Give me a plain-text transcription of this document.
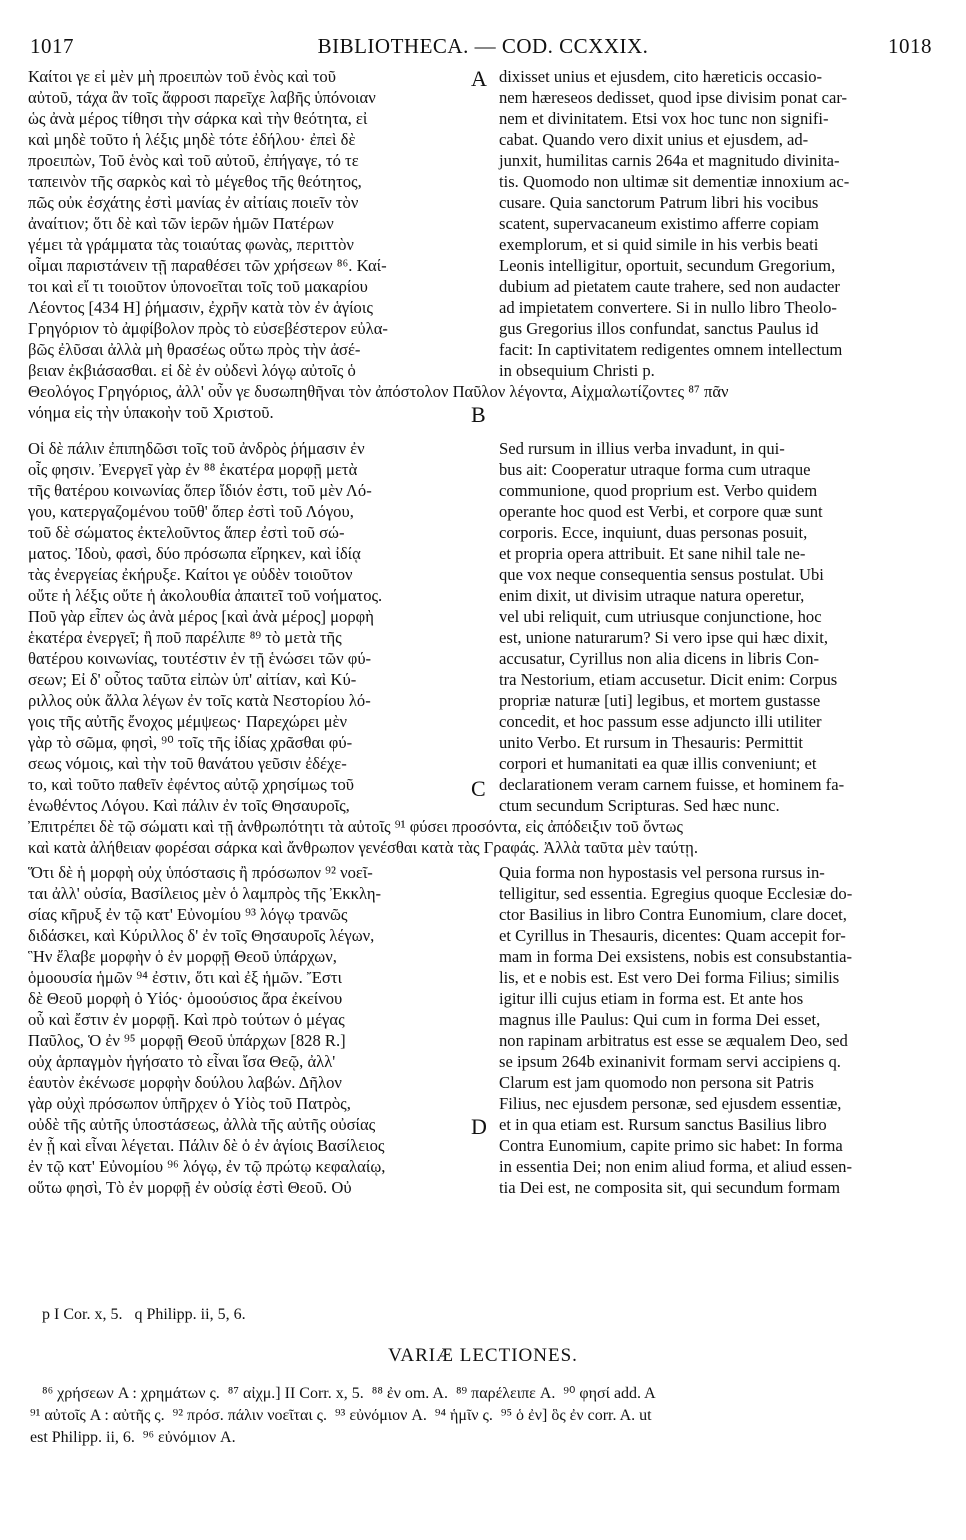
1017	BIBLIOTHECA. — COD. CCXXIX.	1018
Καίτοι γε εἰ μὲν μὴ προειπὼν τοῦ ἑνὸς καὶ τοῦ
αὐτοῦ, τάχα ἂν τοῖς ἄφροσι παρεῖχε λαβῆς ὑπόνοιαν
ὡς ἀνὰ μέρος τίθησι τὴν σάρκα καὶ τὴν θεότητα, εἰ
καὶ μηδὲ τοῦτο ἡ λέξις μηδὲ τότε ἐδήλου· ἐπεὶ δὲ
προειπὼν, Τοῦ ἑνὸς καὶ τοῦ αὐτοῦ, ἐπήγαγε, τό τε
ταπεινὸν τῆς σαρκὸς καὶ τὸ μέγεθος τῆς θεότητος,
πῶς οὐκ ἐσχάτης ἐστὶ μανίας ἐν αἰτίαις ποιεῖν τὸν
ἀναίτιον; ὅτι δὲ καὶ τῶν ἱερῶν ἡμῶν Πατέρων
γέμει τὰ γράμματα τὰς τοιαύτας φωνὰς, περιττὸν
οἶμαι παριστάνειν τῇ παραθέσει τῶν χρήσεων ⁸⁶. Καί-
τοι καὶ εἴ τι τοιοῦτον ὑπονοεῖται τοῖς τοῦ μακαρίου
Λέοντος [434 H] ῥήμασιν, ἐχρῆν κατὰ τὸν ἐν ἁγίοις
Γρηγόριον τὸ ἀμφίβολον πρὸς τὸ εὐσεβέστερον εὐλα-
βῶς ἐλῦσαι ἀλλὰ μὴ θρασέως οὕτω πρὸς τὴν ἀσέ-
βειαν ἐκβιάσασθαι. εἰ δὲ ἐν οὐδενὶ λόγῳ αὐτοῖς ὁ
dixisset unius et ejusdem, cito hæreticis occasio-
nem hæreseos dedisset, quod ipse divisim ponat car-
nem et divinitatem. Etsi vox hoc tunc non signifi-
cabat. Quando vero dixit unius et ejusdem, ad-
junxit, humilitas carnis 264a et magnitudo divinita-
tis. Quomodo non ultimæ sit dementiæ innoxium ac-
cusare. Quia sanctorum Patrum libri his vocibus
scatent, supervacaneum existimo afferre copiam
exemplorum, et si quid simile in his verbis beati
Leonis intelligitur, oportuit, secundum Gregorium,
dubium ad pietatem caute trahere, sed non audacter
ad impietatem convertere. Si in nullo libro Theolo-
gus Gregorius illos confundat, sanctus Paulus id
facit: In captivitatem redigentes omnem intellectum
in obsequium Christi p.
Θεολόγος Γρηγόριος, ἀλλ' οὖν γε δυσωπηθῆναι τὸν ἀπόστολον Παῦλον λέγοντα, Αἰχμαλωτίζοντες ⁸⁷ πᾶν
νόημα εἰς τὴν ὑπακοὴν τοῦ Χριστοῦ.
Οἱ δὲ πάλιν ἐπιπηδῶσι τοῖς τοῦ ἀνδρὸς ῥήμασιν ἐν
οἷς φησιν. Ἐνεργεῖ γὰρ ἐν ⁸⁸ ἑκατέρα μορφῇ μετὰ
τῆς θατέρου κοινωνίας ὅπερ ἴδιόν ἐστι, τοῦ μὲν Λό-
γου, κατεργαζομένου τοῦθ' ὅπερ ἐστὶ τοῦ Λόγου,
τοῦ δὲ σώματος ἐκτελοῦντος ἅπερ ἐστὶ τοῦ σώ-
ματος. Ἰδοὺ, φασὶ, δύο πρόσωπα εἴρηκεν, καὶ ἰδίᾳ
τὰς ἐνεργείας ἐκήρυξε. Καίτοι γε οὐδὲν τοιοῦτον
οὔτε ἡ λέξις οὔτε ἡ ἀκολουθία ἀπαιτεῖ τοῦ νοήματος.
Ποῦ γὰρ εἶπεν ὡς ἀνὰ μέρος [καὶ ἀνὰ μέρος] μορφὴ
ἑκατέρα ἐνεργεῖ; ἢ ποῦ παρέλιπε ⁸⁹ τὸ μετὰ τῆς
θατέρου κοινωνίας, τουτέστιν ἐν τῇ ἑνώσει τῶν φύ-
σεων; Εἰ δ' οὗτος ταῦτα εἰπὼν ὑπ' αἰτίαν, καὶ Κύ-
ριλλος οὐκ ἄλλα λέγων ἐν τοῖς κατὰ Νεστορίου λό-
γοις τῆς αὐτῆς ἔνοχος μέμψεως· Παρεχώρει μὲν
γὰρ τὸ σῶμα, φησὶ, ⁹⁰ τοῖς τῆς ἰδίας χρᾶσθαι φύ-
σεως νόμοις, καὶ τὴν τοῦ θανάτου γεῦσιν ἐδέχε-
το, καὶ τοῦτο παθεῖν ἐφέντος αὐτῷ χρησίμως τοῦ
ἑνωθέντος Λόγου. Καὶ πάλιν ἐν τοῖς Θησαυροῖς,
Sed rursum in illius verba invadunt, in qui-
bus ait: Cooperatur utraque forma cum utraque
communione, quod proprium est. Verbo quidem
operante hoc quod est Verbi, et corpore quæ sunt
corporis. Ecce, inquiunt, duas personas posuit,
et propria opera attribuit. Et sane nihil tale ne-
que vox neque consequentia sensus postulat. Ubi
enim dixit, ut divisim utraque natura operetur,
vel ubi reliquit, cum utriusque conjunctione, hoc
est, unione naturarum? Si vero ipse qui hæc dixit,
accusatur, Cyrillus non alia dicens in libris Con-
tra Nestorium, etiam accusetur. Dicit enim: Corpus
propriæ naturæ [uti] legibus, et mortem gustasse
concedit, et hoc passum esse adjuncto illi utiliter
unito Verbo. Et rursum in Thesauris: Permittit
corpori et humanitati ea quæ illis conveniunt; et
declarationem veram carnem fuisse, et hominem fa-
ctum secundum Scripturas. Sed hæc nunc.
Ἐπιτρέπει δὲ τῷ σώματι καὶ τῇ ἀνθρωπότητι τὰ αὐτοῖς ⁹¹ φύσει προσόντα, εἰς ἀπόδειξιν τοῦ ὄντως
καὶ κατὰ ἀλήθειαν φορέσαι σάρκα καὶ ἄνθρωπον γενέσθαι κατὰ τὰς Γραφάς. Ἀλλὰ ταῦτα μὲν ταύτῃ.
Ὅτι δὲ ἡ μορφὴ οὐχ ὑπόστασις ἢ πρόσωπον ⁹² νοεῖ-
ται ἀλλ' οὐσία, Βασίλειος μὲν ὁ λαμπρὸς τῆς Ἐκκλη-
σίας κῆρυξ ἐν τῷ κατ' Εὐνομίου ⁹³ λόγῳ τρανῶς
διδάσκει, καὶ Κύριλλος δ' ἐν τοῖς Θησαυροῖς λέγων,
Ἣν ἔλαβε μορφὴν ὁ ἐν μορφῇ Θεοῦ ὑπάρχων,
ὁμοουσία ἡμῶν ⁹⁴ ἐστιν, ὅτι καὶ ἐξ ἡμῶν. Ἔστι
δὲ Θεοῦ μορφὴ ὁ Υἱός· ὁμοούσιος ἄρα ἐκείνου
οὗ καὶ ἔστιν ἐν μορφῇ. Καὶ πρὸ τούτων ὁ μέγας
Παῦλος, Ὁ ἐν ⁹⁵ μορφῇ Θεοῦ ὑπάρχων [828 R.]
οὐχ ἁρπαγμὸν ἡγήσατο τὸ εἶναι ἴσα Θεῷ, ἀλλ'
ἑαυτὸν ἐκένωσε μορφὴν δούλου λαβών. Δῆλον
γὰρ οὐχὶ πρόσωπον ὑπῆρχεν ὁ Υἱὸς τοῦ Πατρὸς,
οὐδὲ τῆς αὐτῆς ὑποστάσεως, ἀλλὰ τῆς αὐτῆς οὐσίας
ἐν ᾗ καὶ εἶναι λέγεται. Πάλιν δὲ ὁ ἐν ἁγίοις Βασίλειος
ἐν τῷ κατ' Εὐνομίου ⁹⁶ λόγῳ, ἐν τῷ πρώτῳ κεφαλαίῳ,
οὕτω φησὶ, Τὸ ἐν μορφῇ ἐν οὐσίᾳ ἐστὶ Θεοῦ. Οὐ
Quia forma non hypostasis vel persona rursus in-
telligitur, sed essentia. Egregius quoque Ecclesiæ do-
ctor Basilius in libro Contra Eunomium, clare docet,
et Cyrillus in Thesauris, dicentes: Quam accepit for-
mam in forma Dei exsistens, nobis est consubstantia-
lis, et e nobis est. Est vero Dei forma Filius; similis
igitur illi cujus etiam in forma est. Et ante hos
magnus ille Paulus: Qui cum in forma Dei esset,
non rapinam arbitratus est esse se æqualem Deo, sed
se ipsum 264b exinanivit formam servi accipiens q.
Clarum est jam quomodo non persona sit Patris
Filius, nec ejusdem personæ, sed ejusdem essentiæ,
et in qua etiam est. Rursum sanctus Basilius libro
Contra Eunomium, capite primo sic habet: In forma
in essentia Dei; non enim aliud forma, et aliud essen-
tia Dei est, ne composita sit, qui secundum formam
A
B
C
D
p I Cor. x, 5.   q Philipp. ii, 5, 6.
VARIÆ LECTIONES.
⁸⁶ χρήσεων A : χρημάτων ς.  ⁸⁷ αἰχμ.] II Corr. x, 5.  ⁸⁸ ἐν om. A.  ⁸⁹ παρέλειπε A.  ⁹⁰ φησί add. A
⁹¹ αὐτοῖς A : αὐτῆς ς.  ⁹² πρόσ. πάλιν νοεῖται ς.  ⁹³ εὐνόμιον A.  ⁹⁴ ἡμῖν ς.  ⁹⁵ ὁ ἐν] ὃς ἐν corr. A. ut
est Philipp. ii, 6.  ⁹⁶ εὐνόμιον A.
